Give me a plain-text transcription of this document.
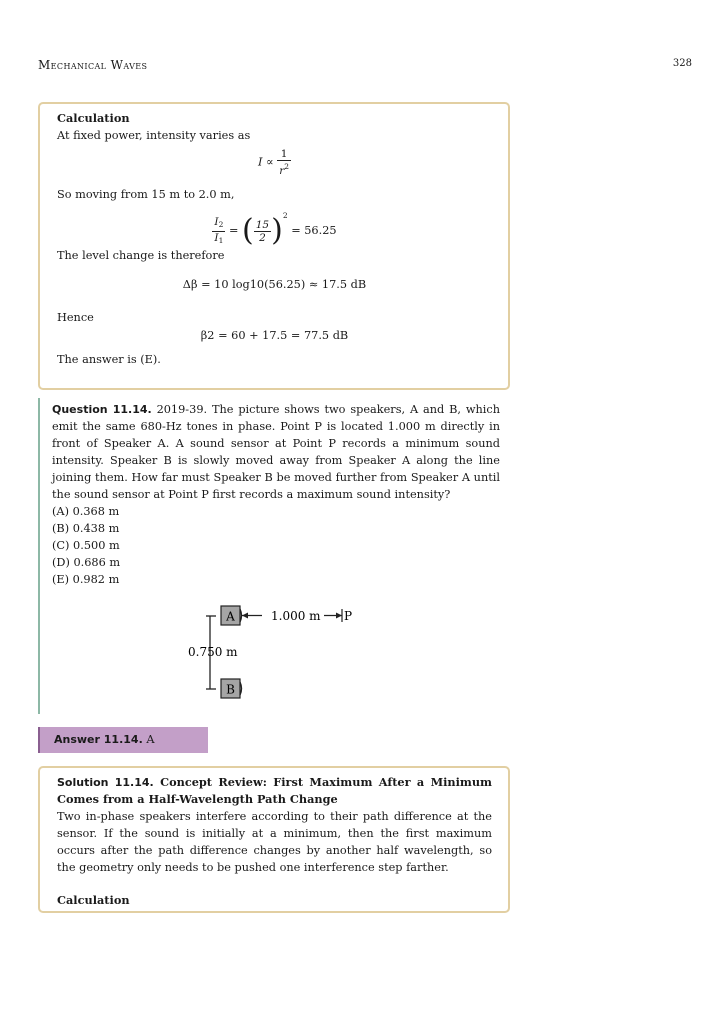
Mechanical Waves	328
Calculation
At fixed power, intensity varies as
$I \propto \frac{1}{r^2}$
So moving from 15 m to 2.0 m,
$\frac{I_2}{I_1}$ = ( $\frac{15}{2} )^2 = 56.25$
The level change is therefore
Δβ = 10 log10(56.25) ≈ 17.5 dB
Hence
β2 = 60 + 17.5 = 77.5 dB
The answer is (E).

Question 11.14. 2019-39. The picture shows two speakers, A and B, which emit the same 680-Hz tones in phase. Point P is located 1.000 m directly in front of Speaker A. A sound sensor at Point P records a minimum sound intensity. Speaker B is slowly moved away from Speaker A along the line joining them. How far must Speaker B be moved further from Speaker A until the sound sensor at Point P first records a maximum sound intensity?

(A) 0.368 m
(B) 0.438 m
(C) 0.500 m
(D) 0.686 m
(E) 0.982 m
A	1.000 m P
0.750 m
B
Answer 11.14. A
Solution 11.14. Concept Review: First Maximum After a Minimum Comes from a Half-Wavelength Path Change
Two in-phase speakers interfere according to their path difference at the sensor. If the sound is initially at a minimum, then the first maximum occurs after the path difference changes by another half wavelength, so the geometry only needs to be pushed one interference step farther.
Calculation
